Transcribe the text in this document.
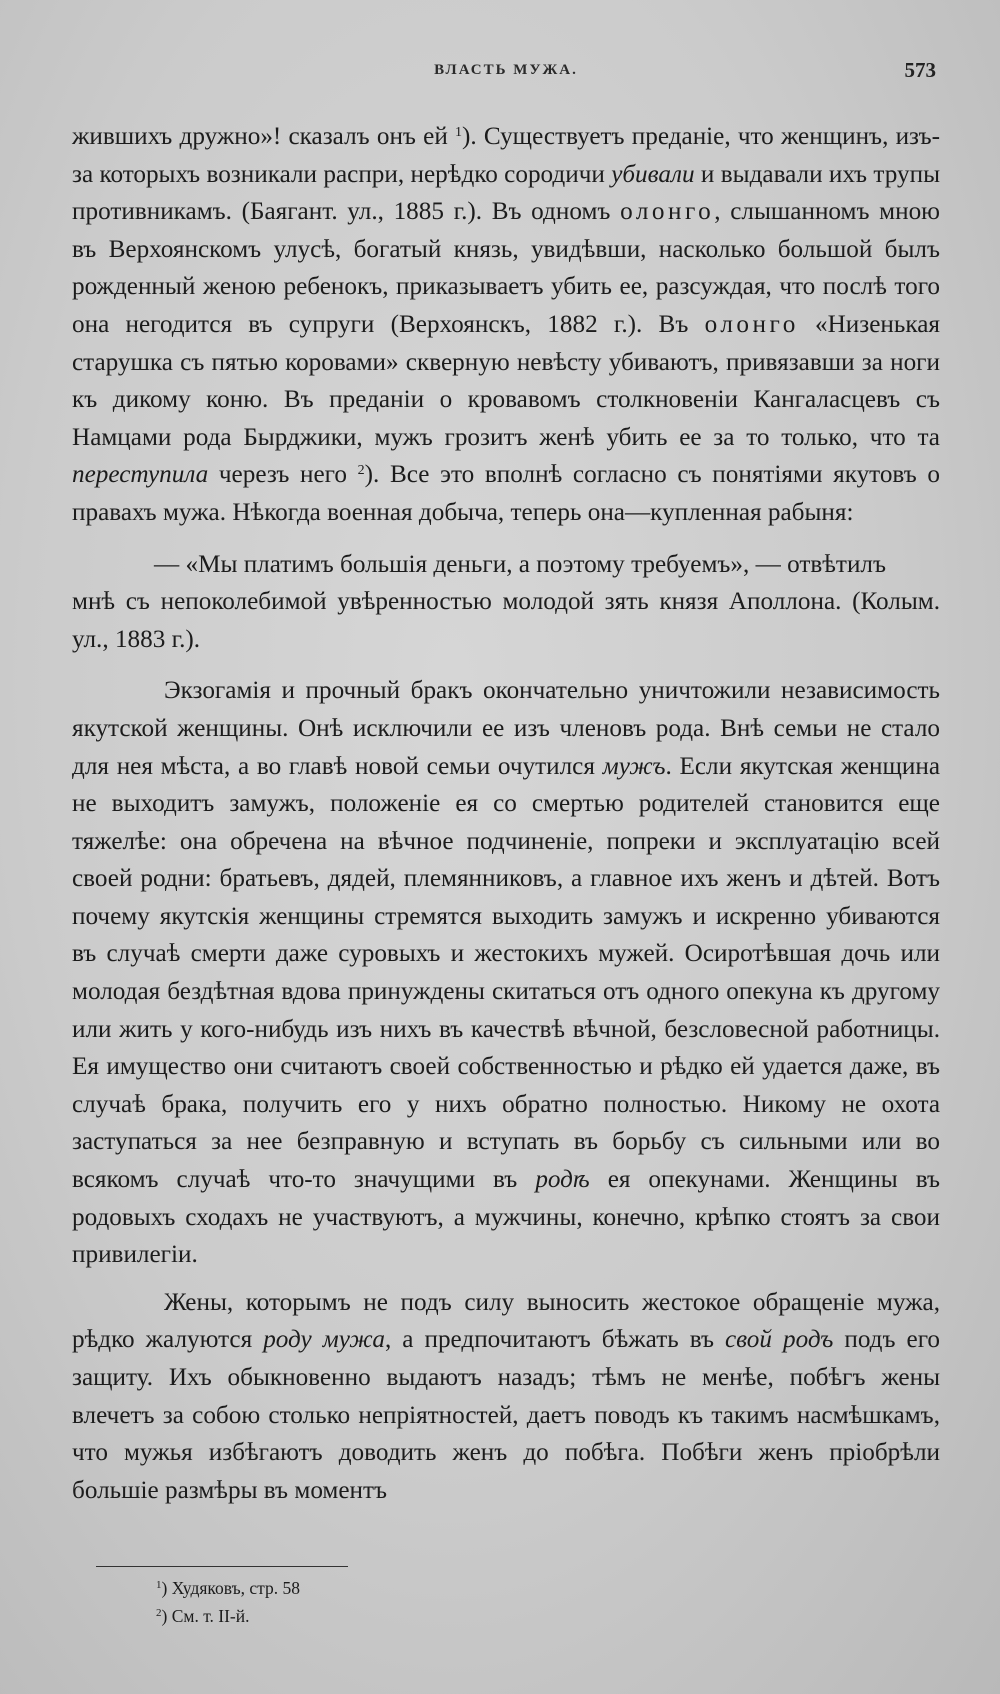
ВЛАСТЬ МУЖА.	573

жившихъ дружно»! сказалъ онъ ей $^1$). Существуетъ преданіе, что женщинъ, изъ-за которыхъ возникали распри, нерѣдко сородичи убивали и выдавали ихъ трупы противникамъ. (Баягант. ул., 1885 г.). Въ одномъ олонго, слышанномъ мною въ Верхоянскомъ улусѣ, богатый князь, увидѣвши, насколько большой былъ рожденный женою ребенокъ, приказываетъ убить ее, разсуждая, что послѣ того она негодится въ супруги (Верхоянскъ, 1882 г.). Въ олонго «Низенькая старушка съ пятью коровами» скверную невѣсту убиваютъ, привязавши за ноги къ дикому коню. Въ преданіи о кровавомъ столкновеніи Кангаласцевъ съ Намцами рода Бырджики, мужъ грозитъ женѣ убить ее за то только, что та переступила черезъ него $^2$). Все это вполнѣ согласно съ понятіями якутовъ о правахъ мужа. Нѣкогда военная добыча, теперь она—купленная рабыня:

— «Мы платимъ большія деньги, а поэтому требуемъ», — отвѣтилъ

мнѣ съ непоколебимой увѣренностью молодой зять князя Аполлона. (Колым. ул., 1883 г.).

Экзогамія и прочный бракъ окончательно уничтожили независимость якутской женщины. Онѣ исключили ее изъ членовъ рода. Внѣ семьи не стало для нея мѣста, а во главѣ новой семьи очутился мужъ. Если якутская женщина не выходитъ замужъ, положеніе ея со смертью родителей становится еще тяжелѣе: она обречена на вѣчное подчиненіе, попреки и эксплуатацію всей своей родни: братьевъ, дядей, племянниковъ, а главное ихъ женъ и дѣтей. Вотъ почему якутскія женщины стремятся выходить замужъ и искренно убиваются въ случаѣ смерти даже суровыхъ и жестокихъ мужей. Осиротѣвшая дочь или молодая бездѣтная вдова принуждены скитаться отъ одного опекуна къ другому или жить у кого-нибудь изъ нихъ въ качествѣ вѣчной, безсловесной работницы. Ея имущество они считаютъ своей собственностью и рѣдко ей удается даже, въ случаѣ брака, получить его у нихъ обратно полностью. Никому не охота заступаться за нее безправную и вступать въ борьбу съ сильными или во всякомъ случаѣ что-то значущими въ родѣ ея опекунами. Женщины въ родовыхъ сходахъ не участвуютъ, а мужчины, конечно, крѣпко стоятъ за свои привилегіи.

Жены, которымъ не подъ силу выносить жестокое обращеніе мужа, рѣдко жалуются роду мужа, а предпочитаютъ бѣжать въ свой родъ подъ его защиту. Ихъ обыкновенно выдаютъ назадъ; тѣмъ не менѣе, побѣгъ жены влечетъ за собою столько непріятностей, даетъ поводъ къ такимъ насмѣшкамъ, что мужья избѣгаютъ доводить женъ до побѣга. Побѣги женъ пріобрѣли большіе размѣры въ моментъ

$^1$) Худяковъ, стр. 58
$^2$) См. т. II-й.
